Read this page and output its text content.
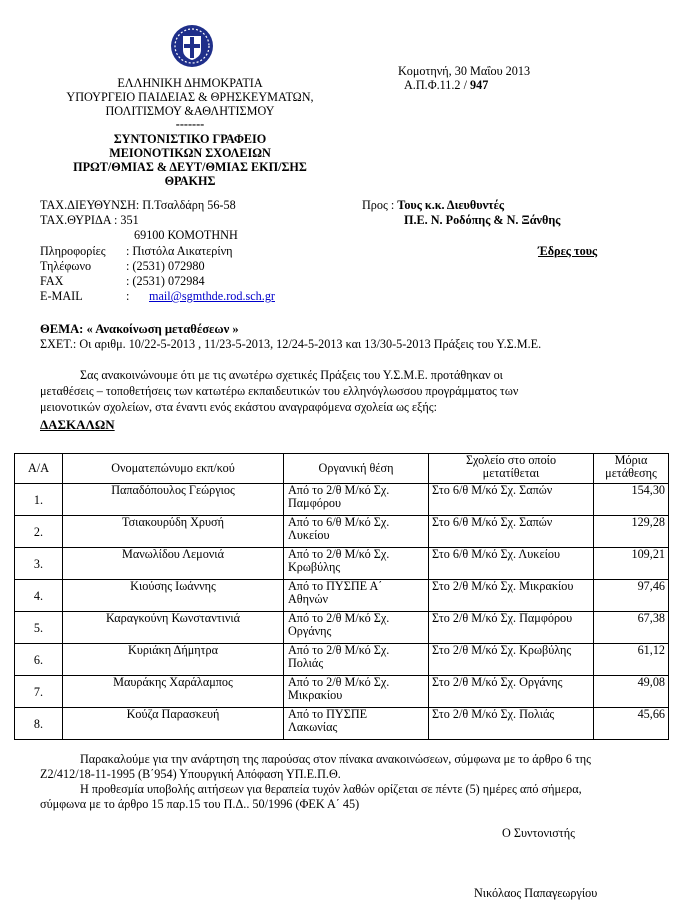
ΕΛΛΗΝΙΚΗ ΔΗΜΟΚΡΑΤΙΑ
ΥΠΟΥΡΓΕΙΟ ΠΑΙΔΕΙΑΣ & ΘΡΗΣΚΕΥΜΑΤΩΝ,
ΠΟΛΙΤΙΣΜΟΥ &ΑΘΛΗΤΙΣΜΟΥ
-------
ΣΥΝΤΟΝΙΣΤΙΚΟ ΓΡΑΦΕΙΟ
ΜΕΙΟΝΟΤΙΚΩΝ ΣΧΟΛΕΙΩΝ
ΠΡΩΤ/ΘΜΙΑΣ & ΔΕΥΤ/ΘΜΙΑΣ ΕΚΠ/ΣΗΣ
ΘΡΑΚΗΣ
Κομοτηνή, 30 Μαΐου 2013
Α.Π.Φ.11.2 / 947
ΤΑΧ.ΔΙΕΥΘΥΝΣΗ: Π.Τσαλδάρη 56-58
ΤΑΧ.ΘΥΡΙΔΑ : 351
69100 ΚΟΜΟΤΗΝΗ
Πληροφορίες : Πιστόλα Αικατερίνη
Τηλέφωνο	: (2531) 072980
FAX	: (2531) 072984
E-MAIL	: mail@sgmthde.rod.sch.gr
Προς : Τους κ.κ. Διευθυντές
Π.Ε. Ν. Ροδόπης & Ν. Ξάνθης
Έδρες τους
ΘΕΜΑ: « Ανακοίνωση μεταθέσεων »
ΣΧΕΤ.: Οι αριθμ. 10/22-5-2013 , 11/23-5-2013, 12/24-5-2013 και 13/30-5-2013 Πράξεις του Υ.Σ.Μ.Ε.
Σας ανακοινώνουμε ότι με τις ανωτέρω σχετικές Πράξεις του Υ.Σ.Μ.Ε. προτάθηκαν οι
μεταθέσεις – τοποθετήσεις των κατωτέρω εκπαιδευτικών του ελληνόγλωσσου προγράμματος των
μειονοτικών σχολείων, στα έναντι ενός εκάστου αναγραφόμενα σχολεία ως εξής:
ΔΑΣΚΑΛΩΝ
Α/Α	Ονοματεπώνυμο εκπ/κού	Οργανική θέση	Σχολείο στο οποίο μετατίθεται	Μόρια μετάθεσης
1.	Παπαδόπουλος Γεώργιος	Από το 2/θ Μ/κό Σχ. Παμφόρου	Στο 6/θ Μ/κό Σχ. Σαπών	154,30
2.	Τσιακουρύδη Χρυσή	Από το 6/θ Μ/κό Σχ. Λυκείου	Στο 6/θ Μ/κό Σχ. Σαπών	129,28
3.	Μανωλίδου Λεμονιά	Από το 2/θ Μ/κό Σχ. Κρωβύλης	Στο 6/θ Μ/κό Σχ. Λυκείου	109,21
4.	Κιούσης Ιωάννης	Από το ΠΥΣΠΕ Α΄ Αθηνών	Στο 2/θ Μ/κό Σχ. Μικρακίου	97,46
5.	Καραγκούνη Κωνσταντινιά	Από το 2/θ Μ/κό Σχ. Οργάνης	Στο 2/θ Μ/κό Σχ. Παμφόρου	67,38
6.	Κυριάκη Δήμητρα	Από το 2/θ Μ/κό Σχ. Πολιάς	Στο 2/θ Μ/κό Σχ. Κρωβύλης	61,12
7.	Μαυράκης Χαράλαμπος	Από το 2/θ Μ/κό Σχ. Μικρακίου	Στο 2/θ Μ/κό Σχ. Οργάνης	49,08
8.	Κούζα Παρασκευή	Από το ΠΥΣΠΕ Λακωνίας	Στο 2/θ Μ/κό Σχ. Πολιάς	45,66
Παρακαλούμε για την ανάρτηση της παρούσας στον πίνακα ανακοινώσεων, σύμφωνα με το άρθρο 6 της
Ζ2/412/18-11-1995 (Β΄954) Υπουργική Απόφαση ΥΠ.Ε.Π.Θ.
Η προθεσμία υποβολής αιτήσεων για θεραπεία τυχόν λαθών ορίζεται σε πέντε (5) ημέρες από σήμερα,
σύμφωνα με το άρθρο 15 παρ.15 του Π.Δ.. 50/1996 (ΦΕΚ Α΄ 45)
Ο Συντονιστής
Νικόλαος Παπαγεωργίου
